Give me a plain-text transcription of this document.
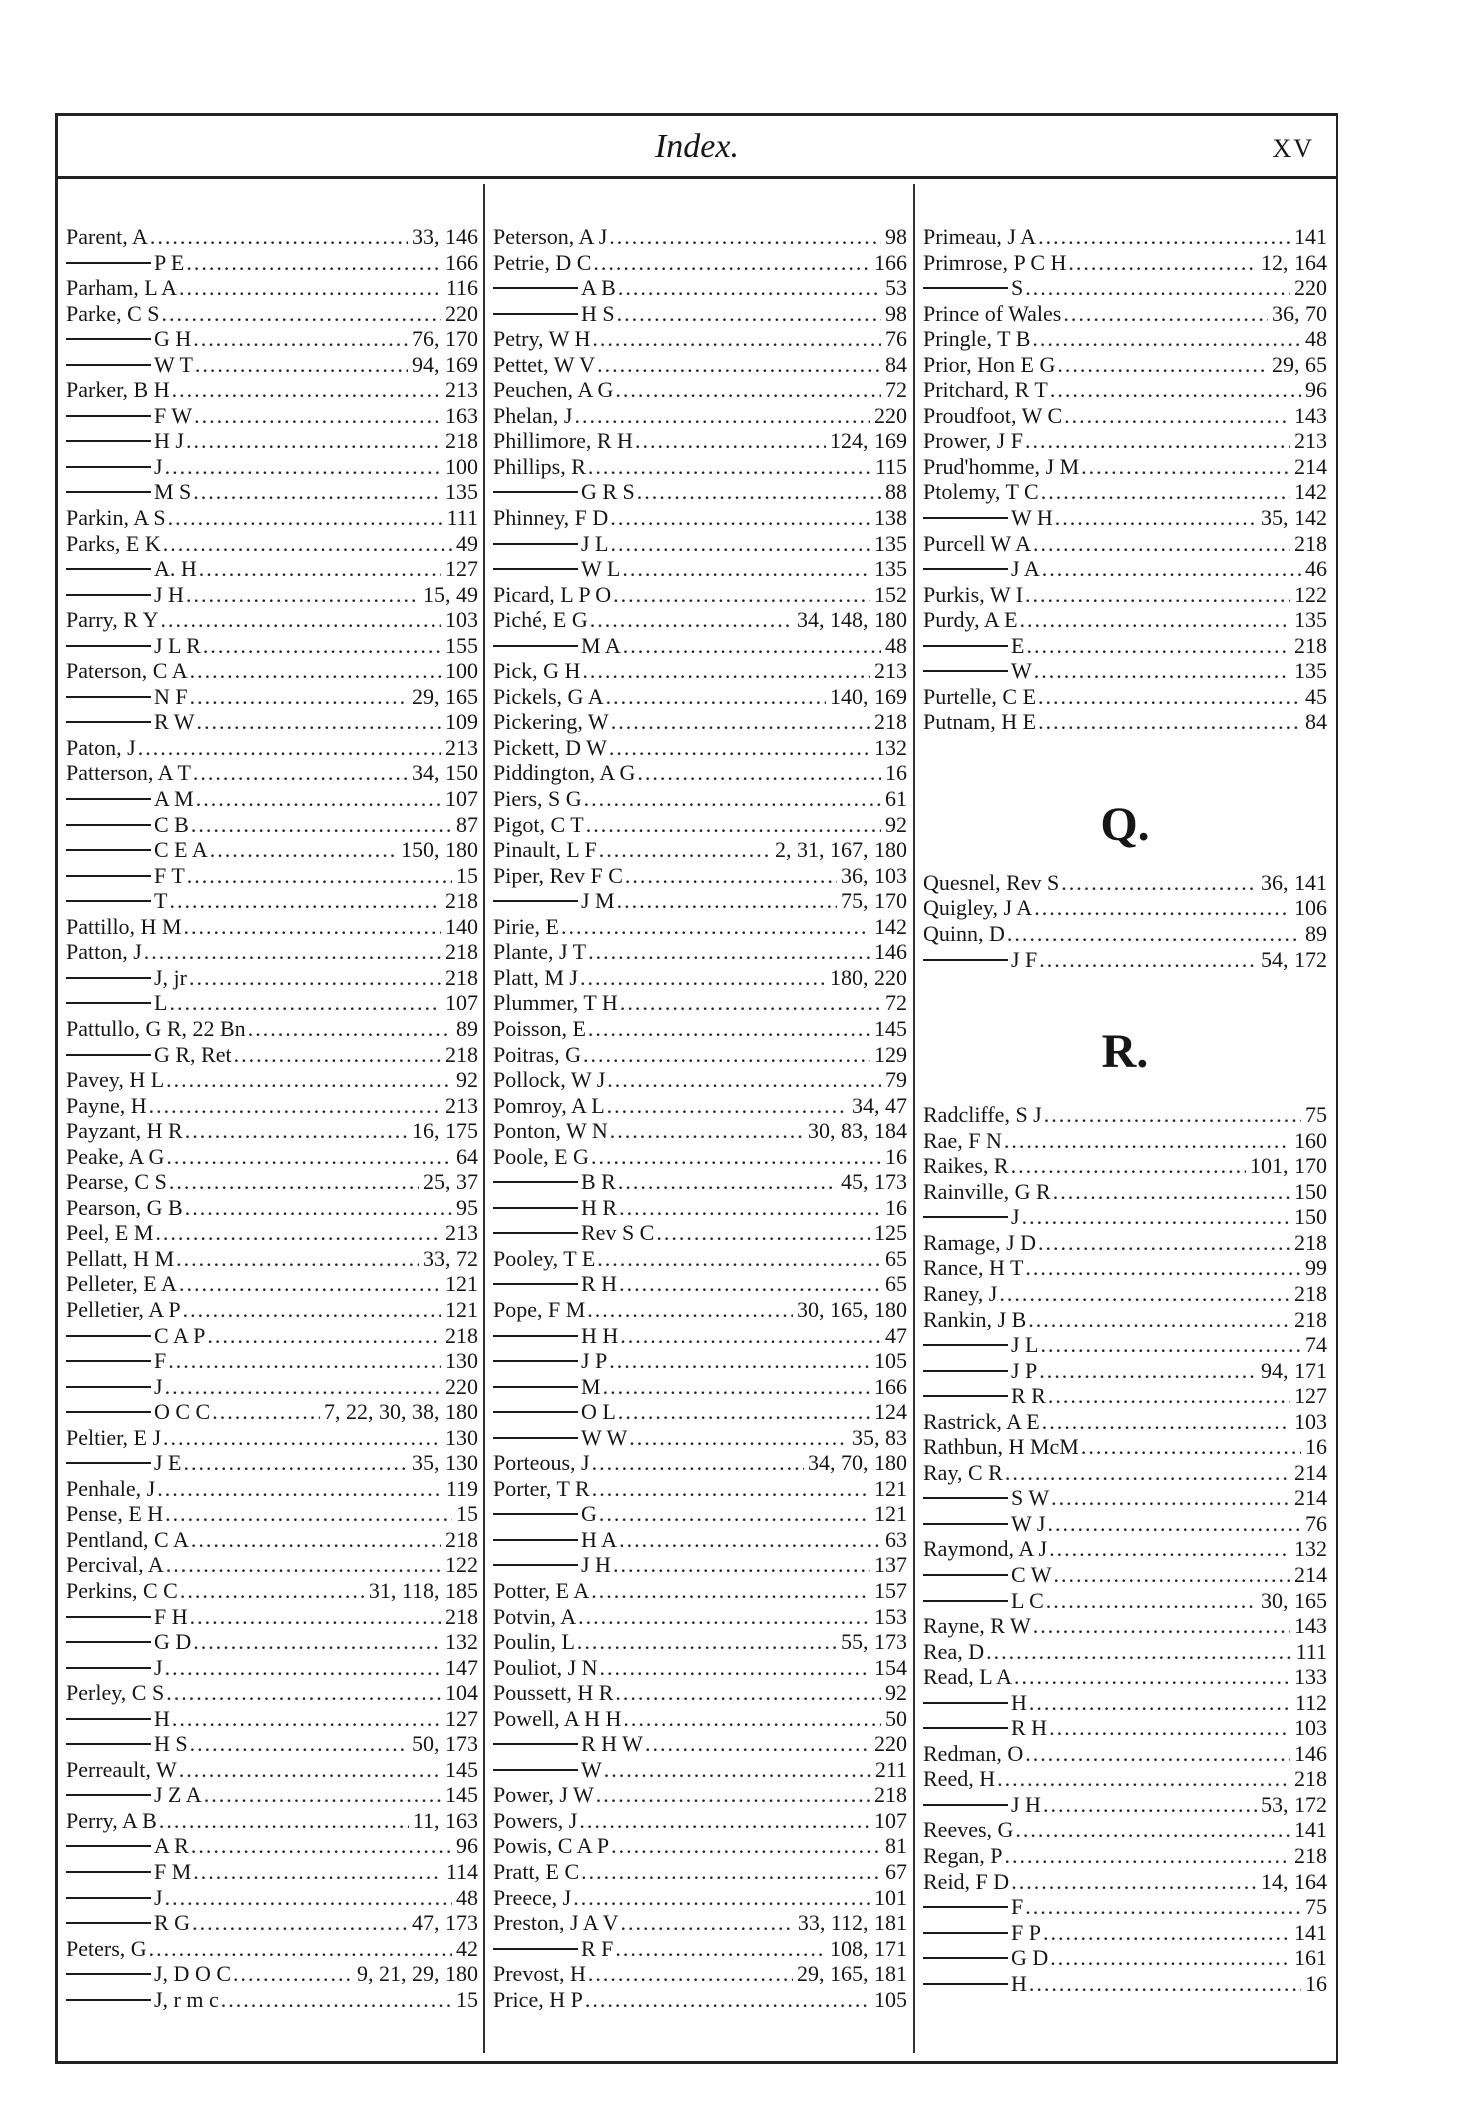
Index.	XV
Parent, A .....	33, 146
P E .....	166
Parham, L A .....	116
Parke, C S .....	220
G H .....	76, 170
W T .....	94, 169
Parker, B H .....	213
F W .....	163
H J .....	218
J .....	100
M S .....	135
Parkin, A S .....	111
Parks, E K .....	49
A. H .....	127
J H .....	15, 49
Parry, R Y .....	103
J L R .....	155
Paterson, C A .....	100
N F .....	29, 165
R W .....	109
Paton, J .....	213
Patterson, A T .....	34, 150
A M .....	107
C B .....	87
C E A .....	150, 180
F T .....	15
T .....	218
Pattillo, H M .....	140
Patton, J .....	218
J, jr .....	218
L .....	107
Pattullo, G R, 22 Bn .....	89
G R, Ret .....	218
Pavey, H L .....	92
Payne, H .....	213
Payzant, H R .....	16, 175
Peake, A G .....	64
Pearse, C S .....	25, 37
Pearson, G B .....	95
Peel, E M .....	213
Pellatt, H M .....	33, 72
Pelleter, E A .....	121
Pelletier, A P .....	121
C A P .....	218
F .....	130
J .....	220
O C C .....	7, 22, 30, 38, 180
Peltier, E J .....	130
J E .....	35, 130
Penhale, J .....	119
Pense, E H .....	15
Pentland, C A .....	218
Percival, A .....	122
Perkins, C C .....	31, 118, 185
F H .....	218
G D .....	132
J .....	147
Perley, C S .....	104
H .....	127
H S .....	50, 173
Perreault, W .....	145
J Z A .....	145
Perry, A B .....	11, 163
A R .....	96
F M .....	114
J .....	48
R G .....	47, 173
Peters, G .....	42
J, D O C .....	9, 21, 29, 180
J, r m c .....	15
Peterson, A J .....	98
Petrie, D C .....	166
A B .....	53
H S .....	98
Petry, W H .....	76
Pettet, W V .....	84
Peuchen, A G .....	72
Phelan, J .....	220
Phillimore, R H .....	124, 169
Phillips, R .....	115
G R S .....	88
Phinney, F D .....	138
J L .....	135
W L .....	135
Picard, L P O .....	152
Piché, E G .....	34, 148, 180
M A .....	48
Pick, G H .....	213
Pickels, G A .....	140, 169
Pickering, W .....	218
Pickett, D W .....	132
Piddington, A G .....	16
Piers, S G .....	61
Pigot, C T .....	92
Pinault, L F .....	2, 31, 167, 180
Piper, Rev F C .....	36, 103
J M .....	75, 170
Pirie, E .....	142
Plante, J T .....	146
Platt, M J .....	180, 220
Plummer, T H .....	72
Poisson, E .....	145
Poitras, G .....	129
Pollock, W J .....	79
Pomroy, A L .....	34, 47
Ponton, W N .....	30, 83, 184
Poole, E G .....	16
B R .....	45, 173
H R .....	16
Rev S C .....	125
Pooley, T E .....	65
R H .....	65
Pope, F M .....	30, 165, 180
H H .....	47
J P .....	105
M .....	166
O L .....	124
W W .....	35, 83
Porteous, J .....	34, 70, 180
Porter, T R .....	121
G .....	121
H A .....	63
J H .....	137
Potter, E A .....	157
Potvin, A .....	153
Poulin, L .....	55, 173
Pouliot, J N .....	154
Poussett, H R .....	92
Powell, A H H .....	50
R H W .....	220
W .....	211
Power, J W .....	218
Powers, J .....	107
Powis, C A P .....	81
Pratt, E C .....	67
Preece, J .....	101
Preston, J A V .....	33, 112, 181
R F .....	108, 171
Prevost, H .....	29, 165, 181
Price, H P .....	105
Primeau, J A .....	141
Primrose, P C H .....	12, 164
S .....	220
Prince of Wales .....	36, 70
Pringle, T B .....	48
Prior, Hon E G .....	29, 65
Pritchard, R T .....	96
Proudfoot, W C .....	143
Prower, J F .....	213
Prud'homme, J M .....	214
Ptolemy, T C .....	142
W H .....	35, 142
Purcell W A .....	218
J A .....	46
Purkis, W I .....	122
Purdy, A E .....	135
E .....	218
W .....	135
Purtelle, C E .....	45
Putnam, H E .....	84
Q.
Quesnel, Rev S .....	36, 141
Quigley, J A .....	106
Quinn, D .....	89
J F .....	54, 172
R.
Radcliffe, S J .....	75
Rae, F N .....	160
Raikes, R .....	101, 170
Rainville, G R .....	150
J .....	150
Ramage, J D .....	218
Rance, H T .....	99
Raney, J .....	218
Rankin, J B .....	218
J L .....	74
J P .....	94, 171
R R .....	127
Rastrick, A E .....	103
Rathbun, H McM .....	16
Ray, C R .....	214
S W .....	214
W J .....	76
Raymond, A J .....	132
C W .....	214
L C .....	30, 165
Rayne, R W .....	143
Rea, D .....	111
Read, L A .....	133
H .....	112
R H .....	103
Redman, O .....	146
Reed, H .....	218
J H .....	53, 172
Reeves, G .....	141
Regan, P .....	218
Reid, F D .....	14, 164
F .....	75
F P .....	141
G D .....	161
H .....	16
